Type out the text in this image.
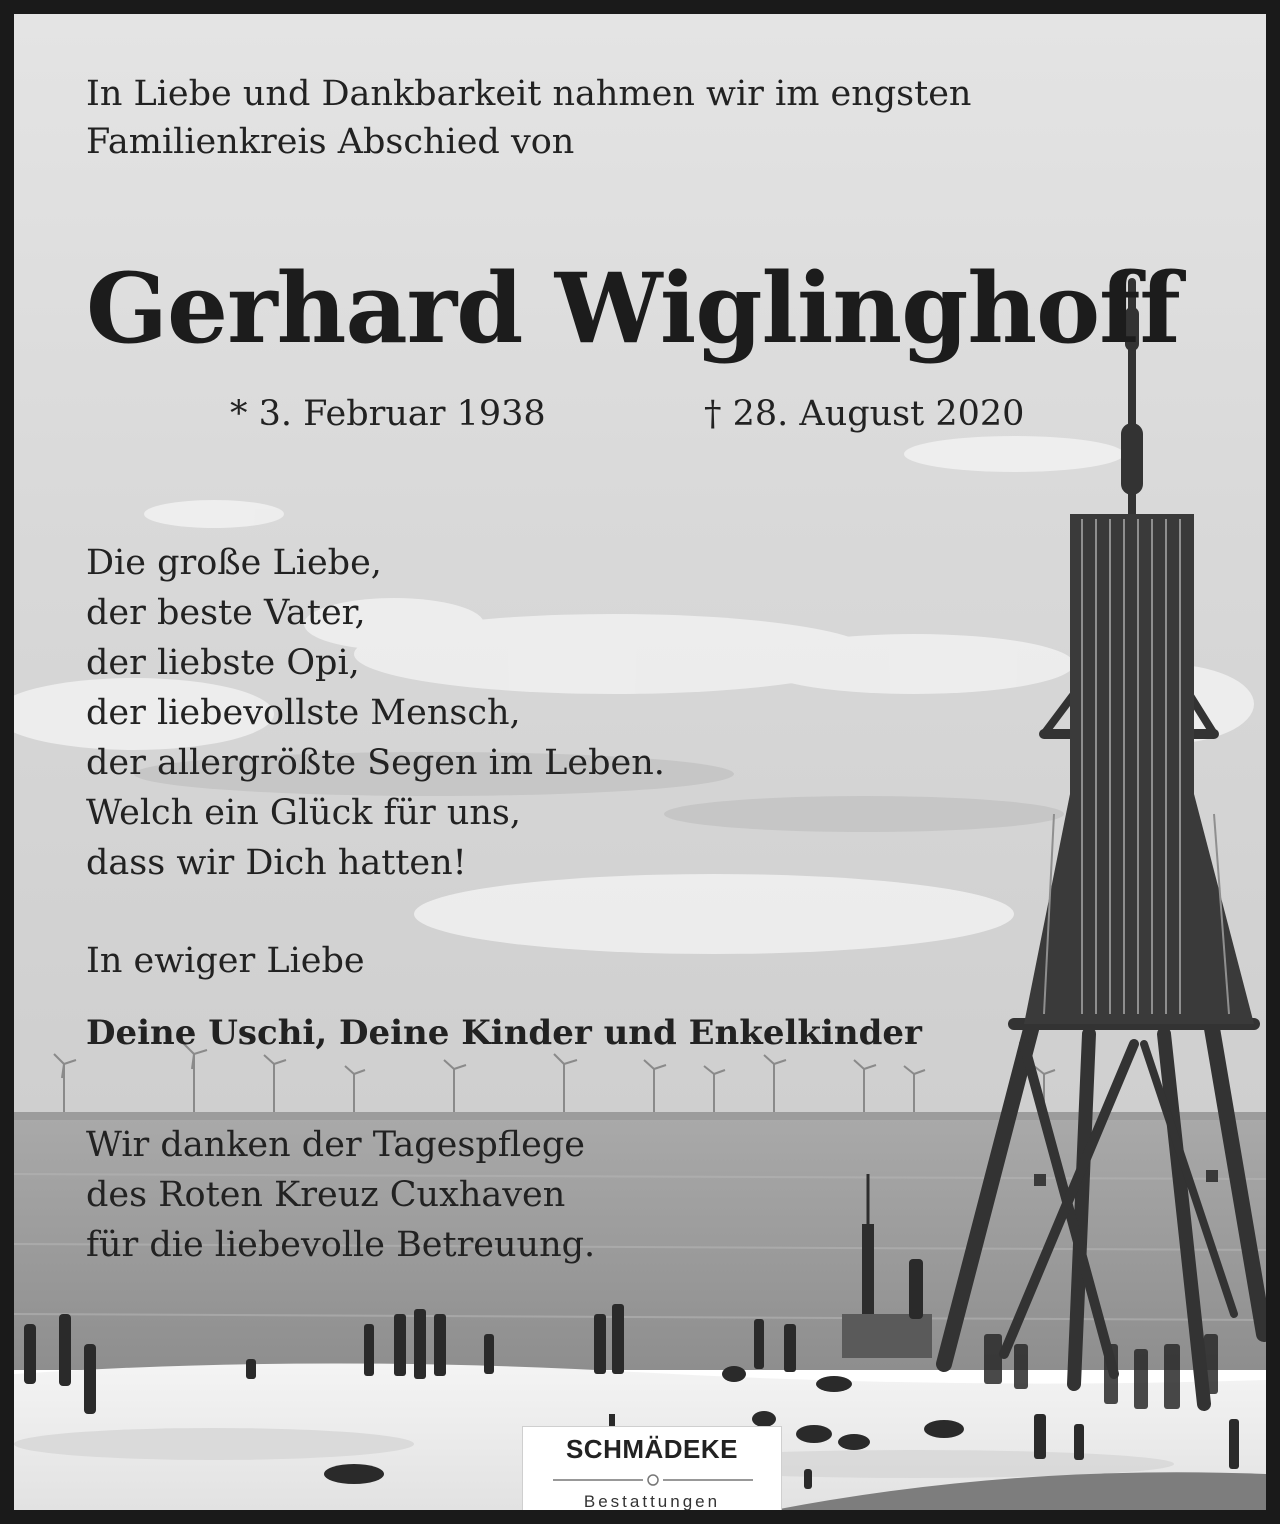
In Liebe und Dankbarkeit nahmen wir im engsten
Familienkreis Abschied von
Gerhard Wiglinghoff
* 3. Februar 1938	† 28. August 2020
Die große Liebe,
der beste Vater,
der liebste Opi,
der liebevollste Mensch,
der allergrößte Segen im Leben.
Welch ein Glück für uns,
dass wir Dich hatten!
In ewiger Liebe
Deine Uschi, Deine Kinder und Enkelkinder
Wir danken der Tagespflege
des Roten Kreuz Cuxhaven
für die liebevolle Betreuung.
SCHMÄDEKE
Bestattungen
